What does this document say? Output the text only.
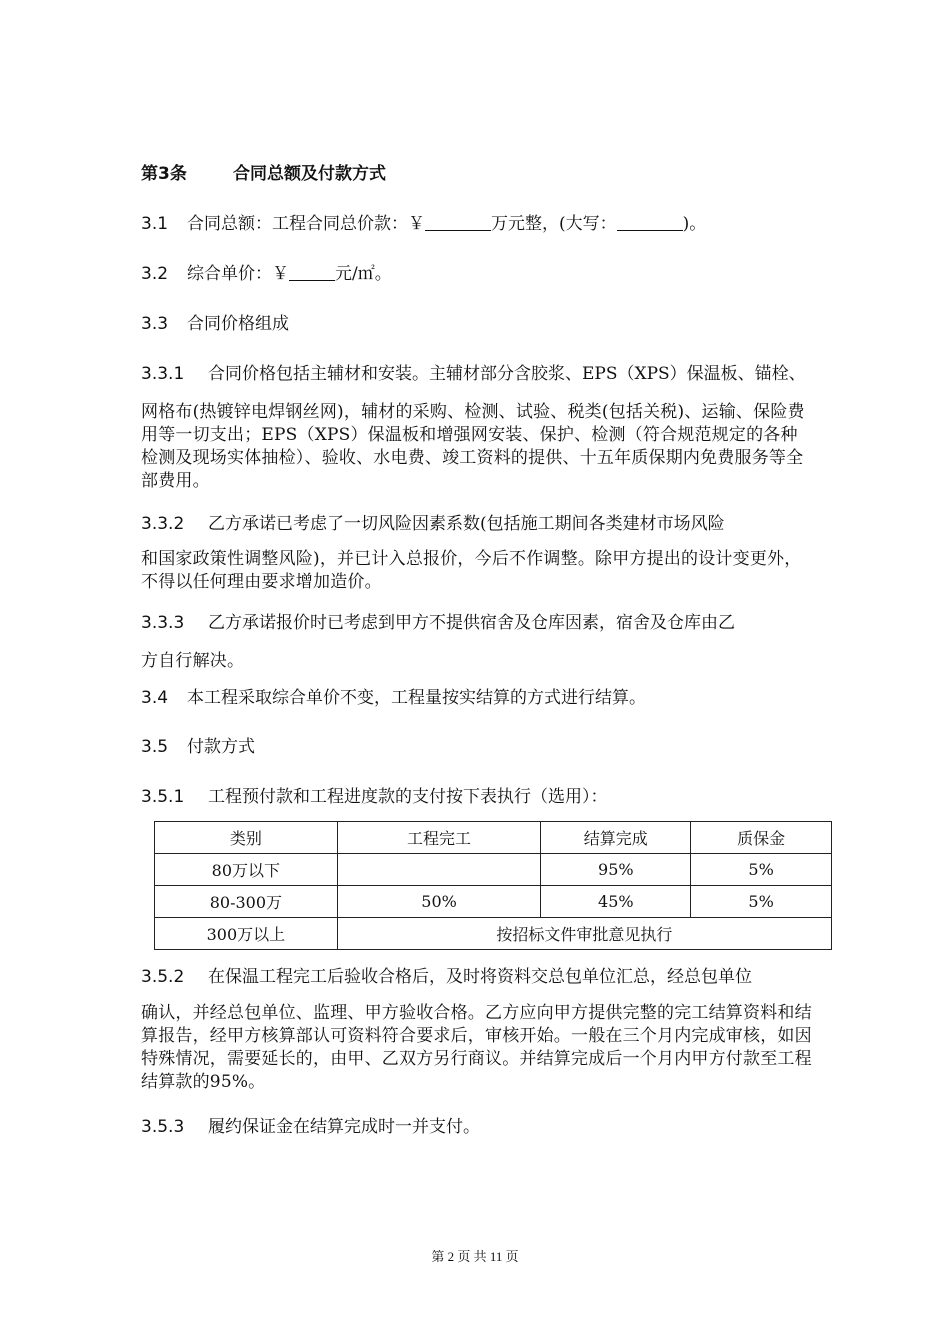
第3条	合同总额及付款方式
3.1 合同总额：工程合同总价款：￥	万元整，(大写：	)。
3.2 综合单价：￥	元/㎡。
3.3 合同价格组成
3.3.1 合同价格包括主辅材和安装。主辅材部分含胶浆、EPS（XPS）保温板、锚栓、
网格布(热镀锌电焊钢丝网)，辅材的采购、检测、试验、税类(包括关税)、运输、保险费用等一切支出；EPS（XPS）保温板和增强网安装、保护、检测（符合规范规定的各种检测及现场实体抽检）、验收、水电费、竣工资料的提供、十五年质保期内免费服务等全部费用。
3.3.2 乙方承诺已考虑了一切风险因素系数(包括施工期间各类建材市场风险
和国家政策性调整风险)，并已计入总报价，今后不作调整。除甲方提出的设计变更外，不得以任何理由要求增加造价。
3.3.3 乙方承诺报价时已考虑到甲方不提供宿舍及仓库因素，宿舍及仓库由乙
方自行解决。
3.4 本工程采取综合单价不变，工程量按实结算的方式进行结算。
3.5 付款方式
3.5.1 工程预付款和工程进度款的支付按下表执行（选用）：
类别	工程完工	结算完成	质保金
80万以下		95%	5%
80-300万	50%	45%	5%
300万以上	按招标文件审批意见执行		
3.5.2 在保温工程完工后验收合格后，及时将资料交总包单位汇总，经总包单位
确认，并经总包单位、监理、甲方验收合格。乙方应向甲方提供完整的完工结算资料和结算报告，经甲方核算部认可资料符合要求后，审核开始。一般在三个月内完成审核，如因特殊情况，需要延长的，由甲、乙双方另行商议。并结算完成后一个月内甲方付款至工程结算款的95%。
3.5.3 履约保证金在结算完成时一并支付。
第 2 页 共 11 页
